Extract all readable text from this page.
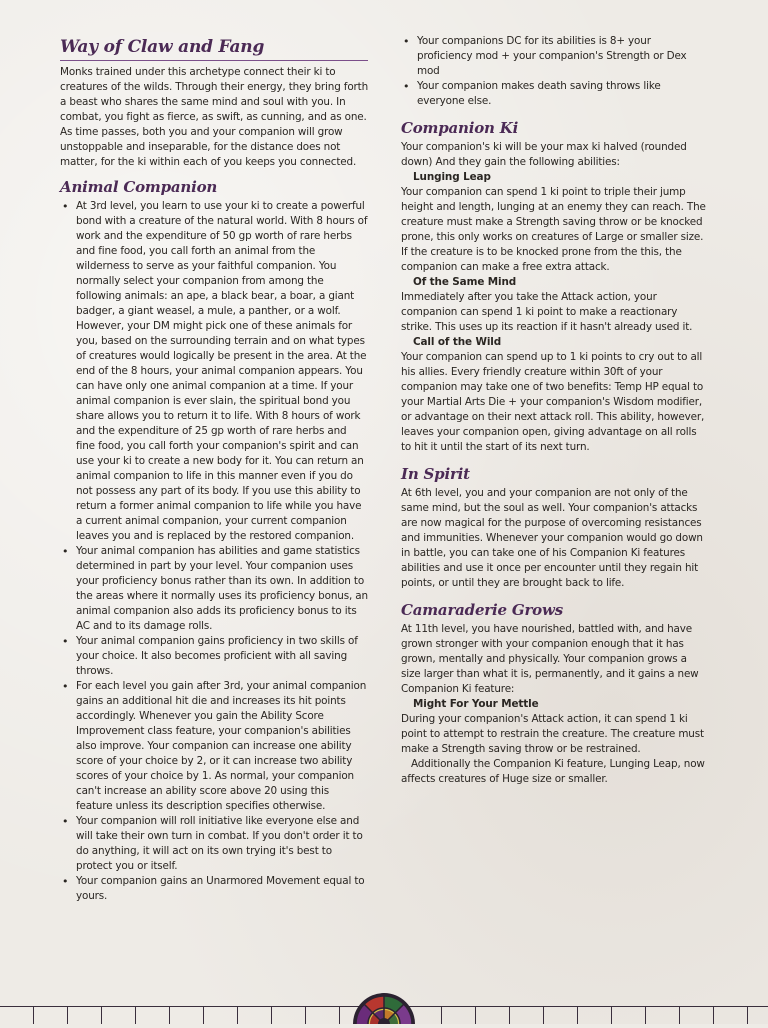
Way of Claw and Fang

Monks trained under this archetype connect their ki to creatures of the wilds. Through their energy, they bring forth a beast who shares the same mind and soul with you. In combat, you fight as fierce, as swift, as cunning, and as one. As time passes, both you and your companion will grow unstoppable and inseparable, for the distance does not matter, for the ki within each of you keeps you connected.

Animal Companion
• At 3rd level, you learn to use your ki to create a powerful bond with a creature of the natural world. With 8 hours of work and the expenditure of 50 gp worth of rare herbs and fine food, you call forth an animal from the wilderness to serve as your faithful companion. You normally select your companion from among the following animals: an ape, a black bear, a boar, a giant badger, a giant weasel, a mule, a panther, or a wolf. However, your DM might pick one of these animals for you, based on the surrounding terrain and on what types of creatures would logically be present in the area. At the end of the 8 hours, your animal companion appears. You can have only one animal companion at a time. If your animal companion is ever slain, the spiritual bond you share allows you to return it to life. With 8 hours of work and the expenditure of 25 gp worth of rare herbs and fine food, you call forth your companion's spirit and can use your ki to create a new body for it. You can return an animal companion to life in this manner even if you do not possess any part of its body. If you use this ability to return a former animal companion to life while you have a current animal companion, your current companion leaves you and is replaced by the restored companion.
• Your animal companion has abilities and game statistics determined in part by your level. Your companion uses your proficiency bonus rather than its own. In addition to the areas where it normally uses its proficiency bonus, an animal companion also adds its proficiency bonus to its AC and to its damage rolls.
• Your animal companion gains proficiency in two skills of your choice. It also becomes proficient with all saving throws.
• For each level you gain after 3rd, your animal companion gains an additional hit die and increases its hit points accordingly. Whenever you gain the Ability Score Improvement class feature, your companion's abilities also improve. Your companion can increase one ability score of your choice by 2, or it can increase two ability scores of your choice by 1. As normal, your companion can't increase an ability score above 20 using this feature unless its description specifies otherwise.
• Your companion will roll initiative like everyone else and will take their own turn in combat. If you don't order it to do anything, it will act on its own trying it's best to protect you or itself.
• Your companion gains an Unarmored Movement equal to yours.
• Your companions DC for its abilities is 8+ your proficiency mod + your companion's Strength or Dex mod
• Your companion makes death saving throws like everyone else.
Companion Ki

Your companion's ki will be your max ki halved (rounded down) And they gain the following abilities:

Lunging Leap

Your companion can spend 1 ki point to triple their jump height and length, lunging at an enemy they can reach. The creature must make a Strength saving throw or be knocked prone, this only works on creatures of Large or smaller size. If the creature is to be knocked prone from the this, the companion can make a free extra attack.

Of the Same Mind

Immediately after you take the Attack action, your companion can spend 1 ki point to make a reactionary strike. This uses up its reaction if it hasn't already used it.

Call of the Wild

Your companion can spend up to 1 ki points to cry out to all his allies. Every friendly creature within 30ft of your companion may take one of two benefits: Temp HP equal to your Martial Arts Die + your companion's Wisdom modifier, or advantage on their next attack roll. This ability, however, leaves your companion open, giving advantage on all rolls to hit it until the start of its next turn.

In Spirit

At 6th level, you and your companion are not only of the same mind, but the soul as well. Your companion's attacks are now magical for the purpose of overcoming resistances and immunities. Whenever your companion would go down in battle, you can take one of his Companion Ki features abilities and use it once per encounter until they regain hit points, or until they are brought back to life.

Camaraderie Grows

At 11th level, you have nourished, battled with, and have grown stronger with your companion enough that it has grown, mentally and physically. Your companion grows a size larger than what it is, permanently, and it gains a new Companion Ki feature:

Might For Your Mettle

During your companion's Attack action, it can spend 1 ki point to attempt to restrain the creature. The creature must make a Strength saving throw or be restrained.

Additionally the Companion Ki feature, Lunging Leap, now affects creatures of Huge size or smaller.
